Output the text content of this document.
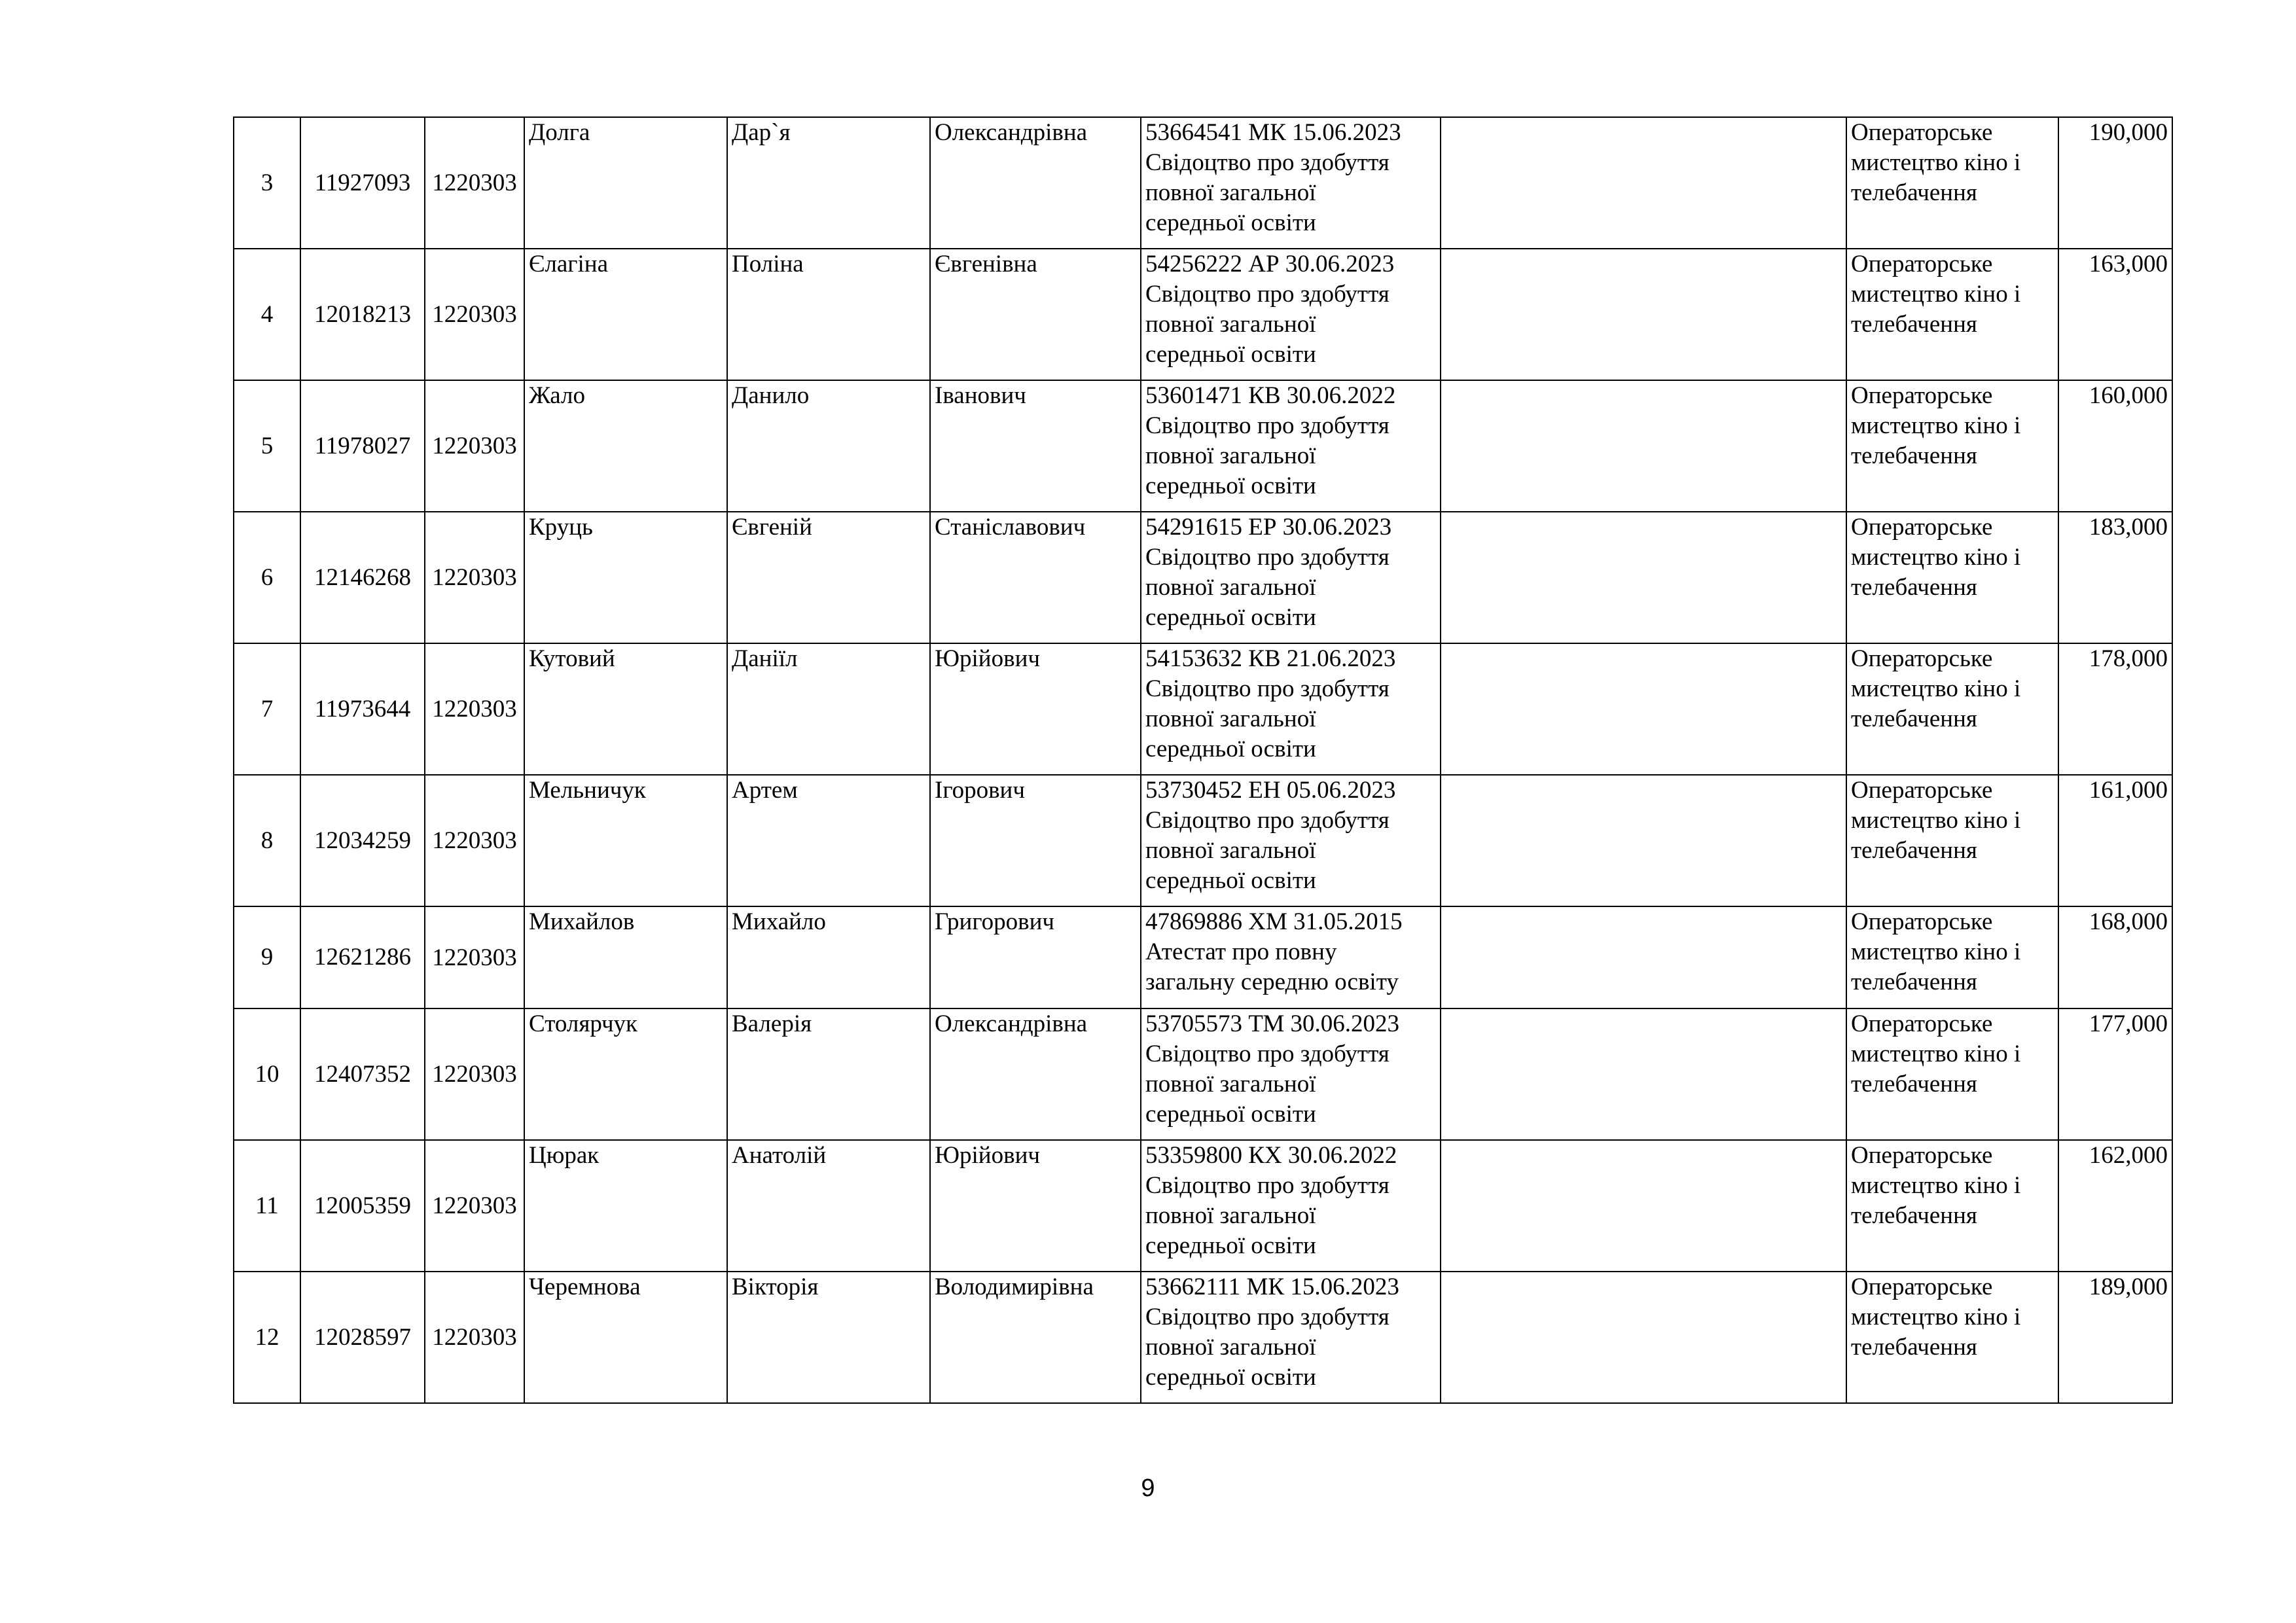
3	11927093	1220303	Долга	Дар`я	Олександрівна	53664541 МК 15.06.2023
Свідоцтво про здобуття
повної загальної
середньої освіти		Операторське
мистецтво кіно і
телебачення	190,000
4	12018213	1220303	Єлагіна	Поліна	Євгенівна	54256222 АР 30.06.2023
Свідоцтво про здобуття
повної загальної
середньої освіти		Операторське
мистецтво кіно і
телебачення	163,000
5	11978027	1220303	Жало	Данило	Іванович	53601471 КВ 30.06.2022
Свідоцтво про здобуття
повної загальної
середньої освіти		Операторське
мистецтво кіно і
телебачення	160,000
6	12146268	1220303	Круць	Євгеній	Станіславович	54291615 ЕР 30.06.2023
Свідоцтво про здобуття
повної загальної
середньої освіти		Операторське
мистецтво кіно і
телебачення	183,000
7	11973644	1220303	Кутовий	Даніїл	Юрійович	54153632 КВ 21.06.2023
Свідоцтво про здобуття
повної загальної
середньої освіти		Операторське
мистецтво кіно і
телебачення	178,000
8	12034259	1220303	Мельничук	Артем	Ігорович	53730452 ЕН 05.06.2023
Свідоцтво про здобуття
повної загальної
середньої освіти		Операторське
мистецтво кіно і
телебачення	161,000
9	12621286	1220303	Михайлов	Михайло	Григорович	47869886 ХМ 31.05.2015
Атестат про повну
загальну середню освіту		Операторське
мистецтво кіно і
телебачення	168,000
10	12407352	1220303	Столярчук	Валерія	Олександрівна	53705573 ТМ 30.06.2023
Свідоцтво про здобуття
повної загальної
середньої освіти		Операторське
мистецтво кіно і
телебачення	177,000
11	12005359	1220303	Цюрак	Анатолій	Юрійович	53359800 КХ 30.06.2022
Свідоцтво про здобуття
повної загальної
середньої освіти		Операторське
мистецтво кіно і
телебачення	162,000
12	12028597	1220303	Черемнова	Вікторія	Володимирівна	53662111 МК 15.06.2023
Свідоцтво про здобуття
повної загальної
середньої освіти		Операторське
мистецтво кіно і
телебачення	189,000
9
